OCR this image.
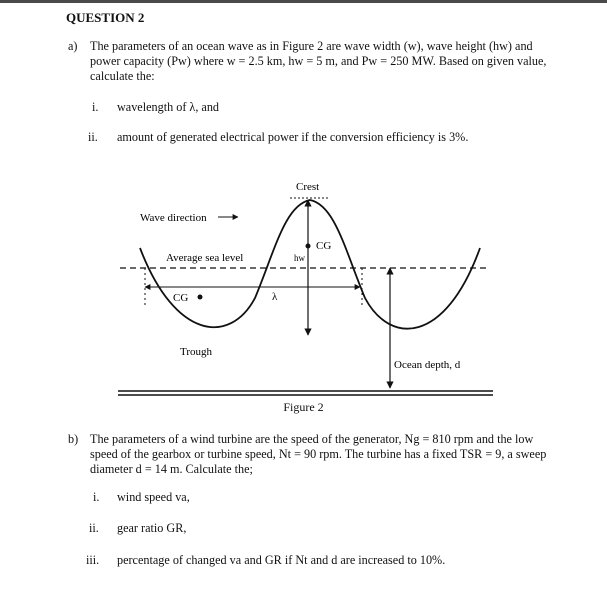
QUESTION 2
a) The parameters of an ocean wave as in Figure 2 are wave width (w), wave height (hw) and
power capacity (Pw) where w = 2.5 km, hw = 5 m, and Pw = 250 MW. Based on given value,
calculate the:
i. wavelength of λ, and
ii. amount of generated electrical power if the conversion efficiency is 3%.
Crest
Wave direction
CG
hw
Average sea level
CG	λ
Trough
Ocean depth, d
Figure 2
b) The parameters of a wind turbine are the speed of the generator, Ng = 810 rpm and the low
speed of the gearbox or turbine speed, Nt = 90 rpm. The turbine has a fixed TSR = 9, a sweep
diameter d = 14 m. Calculate the;
i. wind speed va,
ii. gear ratio GR,
iii. percentage of changed va and GR if Nt and d are increased to 10%.
